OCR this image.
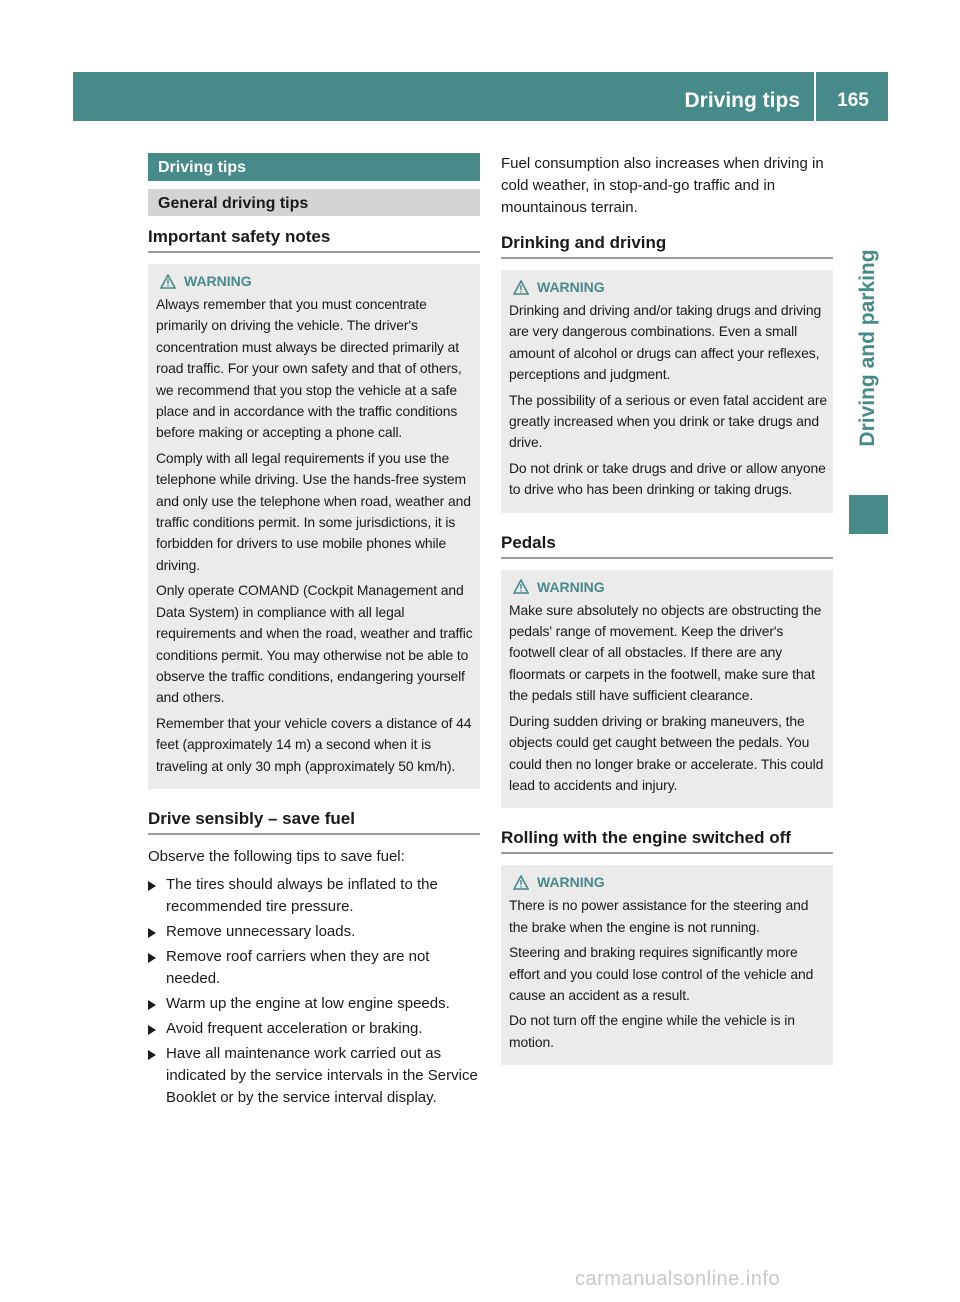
Driving tips	165
Driving and parking
Driving tips
General driving tips
Important safety notes
WARNING

Always remember that you must concentrate primarily on driving the vehicle. The driver's concentration must always be directed primarily at road traffic. For your own safety and that of others, we recommend that you stop the vehicle at a safe place and in accordance with the traffic conditions before making or accepting a phone call.

Comply with all legal requirements if you use the telephone while driving. Use the hands-free system and only use the telephone when road, weather and traffic conditions permit. In some jurisdictions, it is forbidden for drivers to use mobile phones while driving.

Only operate COMAND (Cockpit Management and Data System) in compliance with all legal requirements and when the road, weather and traffic conditions permit. You may otherwise not be able to observe the traffic conditions, endangering yourself and others.

Remember that your vehicle covers a distance of 44 feet (approximately 14 m) a second when it is traveling at only 30 mph (approximately 50 km/h).

Drive sensibly – save fuel

Observe the following tips to save fuel:

The tires should always be inflated to the recommended tire pressure.
Remove unnecessary loads.
Remove roof carriers when they are not needed.
Warm up the engine at low engine speeds.
Avoid frequent acceleration or braking.
Have all maintenance work carried out as indicated by the service intervals in the Service Booklet or by the service interval display.

Fuel consumption also increases when driving in cold weather, in stop-and-go traffic and in mountainous terrain.

Drinking and driving
WARNING

Drinking and driving and/or taking drugs and driving are very dangerous combinations. Even a small amount of alcohol or drugs can affect your reflexes, perceptions and judgment.

The possibility of a serious or even fatal accident are greatly increased when you drink or take drugs and drive.

Do not drink or take drugs and drive or allow anyone to drive who has been drinking or taking drugs.

Pedals
WARNING

Make sure absolutely no objects are obstructing the pedals' range of movement. Keep the driver's footwell clear of all obstacles. If there are any floormats or carpets in the footwell, make sure that the pedals still have sufficient clearance.

During sudden driving or braking maneuvers, the objects could get caught between the pedals. You could then no longer brake or accelerate. This could lead to accidents and injury.

Rolling with the engine switched off
WARNING

There is no power assistance for the steering and the brake when the engine is not running.

Steering and braking requires significantly more effort and you could lose control of the vehicle and cause an accident as a result.

Do not turn off the engine while the vehicle is in motion.

carmanualsonline.info
